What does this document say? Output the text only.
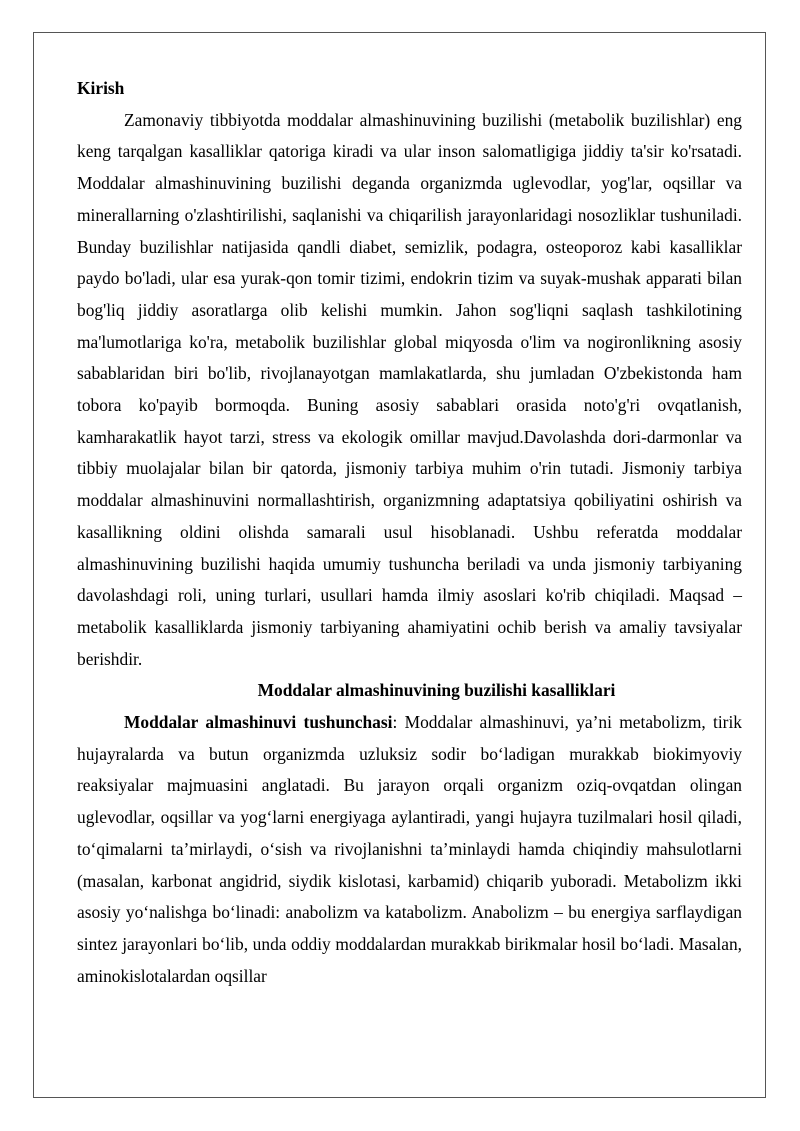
Kirish

Zamonaviy tibbiyotda moddalar almashinuvining buzilishi (metabolik buzilishlar) eng keng tarqalgan kasalliklar qatoriga kiradi va ular inson salomatligiga jiddiy ta'sir ko'rsatadi. Moddalar almashinuvining buzilishi deganda organizmda uglevodlar, yog'lar, oqsillar va minerallarning o'zlashtirilishi, saqlanishi va chiqarilish jarayonlaridagi nosozliklar tushuniladi. Bunday buzilishlar natijasida qandli diabet, semizlik, podagra, osteoporoz kabi kasalliklar paydo bo'ladi, ular esa yurak-qon tomir tizimi, endokrin tizim va suyak-mushak apparati bilan bog'liq jiddiy asoratlarga olib kelishi mumkin. Jahon sog'liqni saqlash tashkilotining ma'lumotlariga ko'ra, metabolik buzilishlar global miqyosda o'lim va nogironlikning asosiy sabablaridan biri bo'lib, rivojlanayotgan mamlakatlarda, shu jumladan O'zbekistonda ham tobora ko'payib bormoqda. Buning asosiy sabablari orasida noto'g'ri ovqatlanish, kamharakatlik hayot tarzi, stress va ekologik omillar mavjud.Davolashda dori-darmonlar va tibbiy muolajalar bilan bir qatorda, jismoniy tarbiya muhim o'rin tutadi. Jismoniy tarbiya moddalar almashinuvini normallashtirish, organizmning adaptatsiya qobiliyatini oshirish va kasallikning oldini olishda samarali usul hisoblanadi. Ushbu referatda moddalar almashinuvining buzilishi haqida umumiy tushuncha beriladi va unda jismoniy tarbiyaning davolashdagi roli, uning turlari, usullari hamda ilmiy asoslari ko'rib chiqiladi. Maqsad – metabolik kasalliklarda jismoniy tarbiyaning ahamiyatini ochib berish va amaliy tavsiyalar berishdir.

Moddalar almashinuvining buzilishi kasalliklari

Moddalar almashinuvi tushunchasi: Moddalar almashinuvi, ya’ni metabolizm, tirik hujayralarda va butun organizmda uzluksiz sodir bo‘ladigan murakkab biokimyoviy reaksiyalar majmuasini anglatadi. Bu jarayon orqali organizm oziq-ovqatdan olingan uglevodlar, oqsillar va yog‘larni energiyaga aylantiradi, yangi hujayra tuzilmalari hosil qiladi, to‘qimalarni ta’mirlaydi, o‘sish va rivojlanishni ta’minlaydi hamda chiqindiy mahsulotlarni (masalan, karbonat angidrid, siydik kislotasi, karbamid) chiqarib yuboradi. Metabolizm ikki asosiy yo‘nalishga bo‘linadi: anabolizm va katabolizm. Anabolizm – bu energiya sarflaydigan sintez jarayonlari bo‘lib, unda oddiy moddalardan murakkab birikmalar hosil bo‘ladi. Masalan, aminokislotalardan oqsillar
